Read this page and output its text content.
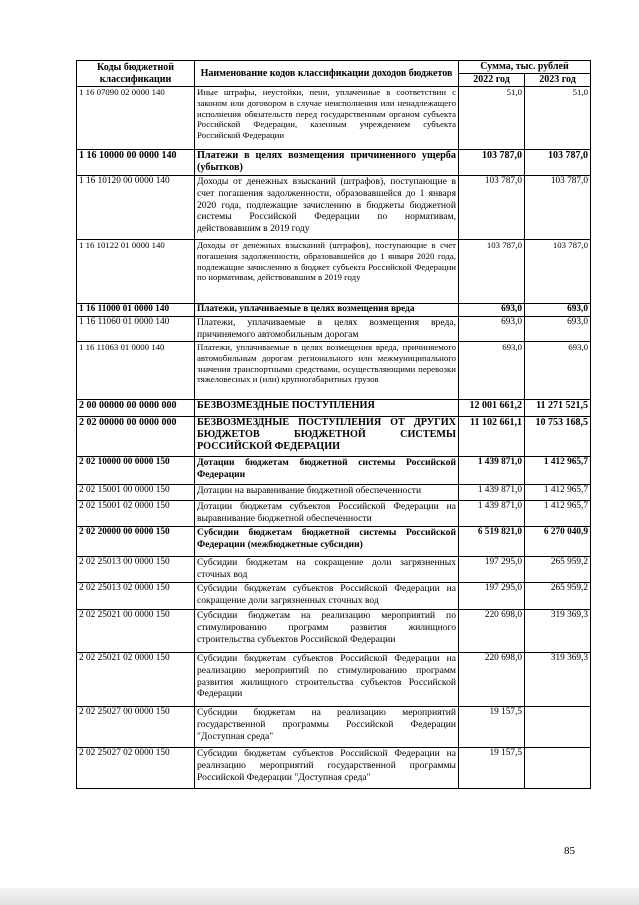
Коды бюджетной классификации	Наименование кодов классификации доходов бюджетов	Сумма, тыс. рублей	
		2022 год	2023 год
1 16 07090 02 0000 140	Иные штрафы, неустойки, пени, уплаченные в соответствии с законом или договором в случае неисполнения или ненадлежащего исполнения обязательств перед государственным органом субъекта Российской Федерации, казенным учреждением субъекта Российской Федерации	51,0	51,0
1 16 10000 00 0000 140	Платежи в целях возмещения причиненного ущерба (убытков)	103 787,0	103 787,0
1 16 10120 00 0000 140	Доходы от денежных взысканий (штрафов), поступающие в счет погашения задолженности, образовавшейся до 1 января 2020 года, подлежащие зачислению в бюджеты бюджетной системы Российской Федерации по нормативам, действовавшим в 2019 году	103 787,0	103 787,0
1 16 10122 01 0000 140	Доходы от денежных взысканий (штрафов), поступающие в счет погашения задолженности, образовавшейся до 1 января 2020 года, подлежащие зачислению в бюджет субъекта Российской Федерации по нормативам, действовавшим в 2019 году	103 787,0	103 787,0
1 16 11000 01 0000 140	Платежи, уплачиваемые в целях возмещения вреда	693,0	693,0
1 16 11060 01 0000 140	Платежи, уплачиваемые в целях возмещения вреда, причиняемого автомобильным дорогам	693,0	693,0
1 16 11063 01 0000 140	Платежи, уплачиваемые в целях возмещения вреда, причиняемого автомобильным дорогам регионального или межмуниципального значения транспортными средствами, осуществляющими перевозки тяжеловесных и (или) крупногабаритных грузов	693,0	693,0
2 00 00000 00 0000 000	БЕЗВОЗМЕЗДНЫЕ ПОСТУПЛЕНИЯ	12 001 661,2	11 271 521,5
2 02 00000 00 0000 000	БЕЗВОЗМЕЗДНЫЕ ПОСТУПЛЕНИЯ ОТ ДРУГИХ БЮДЖЕТОВ БЮДЖЕТНОЙ СИСТЕМЫ РОССИЙСКОЙ ФЕДЕРАЦИИ	11 102 661,1	10 753 168,5
2 02 10000 00 0000 150	Дотации бюджетам бюджетной системы Российской Федерации	1 439 871,0	1 412 965,7
2 02 15001 00 0000 150	Дотации на выравнивание бюджетной обеспеченности	1 439 871,0	1 412 965,7
2 02 15001 02 0000 150	Дотации бюджетам субъектов Российской Федерации на выравнивание бюджетной обеспеченности	1 439 871,0	1 412 965,7
2 02 20000 00 0000 150	Субсидии бюджетам бюджетной системы Российской Федерации (межбюджетные субсидии)	6 519 821,0	6 270 040,9
2 02 25013 00 0000 150	Субсидии бюджетам на сокращение доли загрязненных сточных вод	197 295,0	265 959,2
2 02 25013 02 0000 150	Субсидии бюджетам субъектов Российской Федерации на сокращение доли загрязненных сточных вод	197 295,0	265 959,2
2 02 25021 00 0000 150	Субсидии бюджетам на реализацию мероприятий по стимулированию программ развития жилищного строительства субъектов Российской Федерации	220 698,0	319 369,3
2 02 25021 02 0000 150	Субсидии бюджетам субъектов Российской Федерации на реализацию мероприятий по стимулированию программ развития жилищного строительства субъектов Российской Федерации	220 698,0	319 369,3
2 02 25027 00 0000 150	Субсидии бюджетам на реализацию мероприятий государственной программы Российской Федерации "Доступная среда"	19 157,5	
2 02 25027 02 0000 150	Субсидии бюджетам субъектов Российской Федерации на реализацию мероприятий государственной программы Российской Федерации "Доступная среда"	19 157,5	
85
